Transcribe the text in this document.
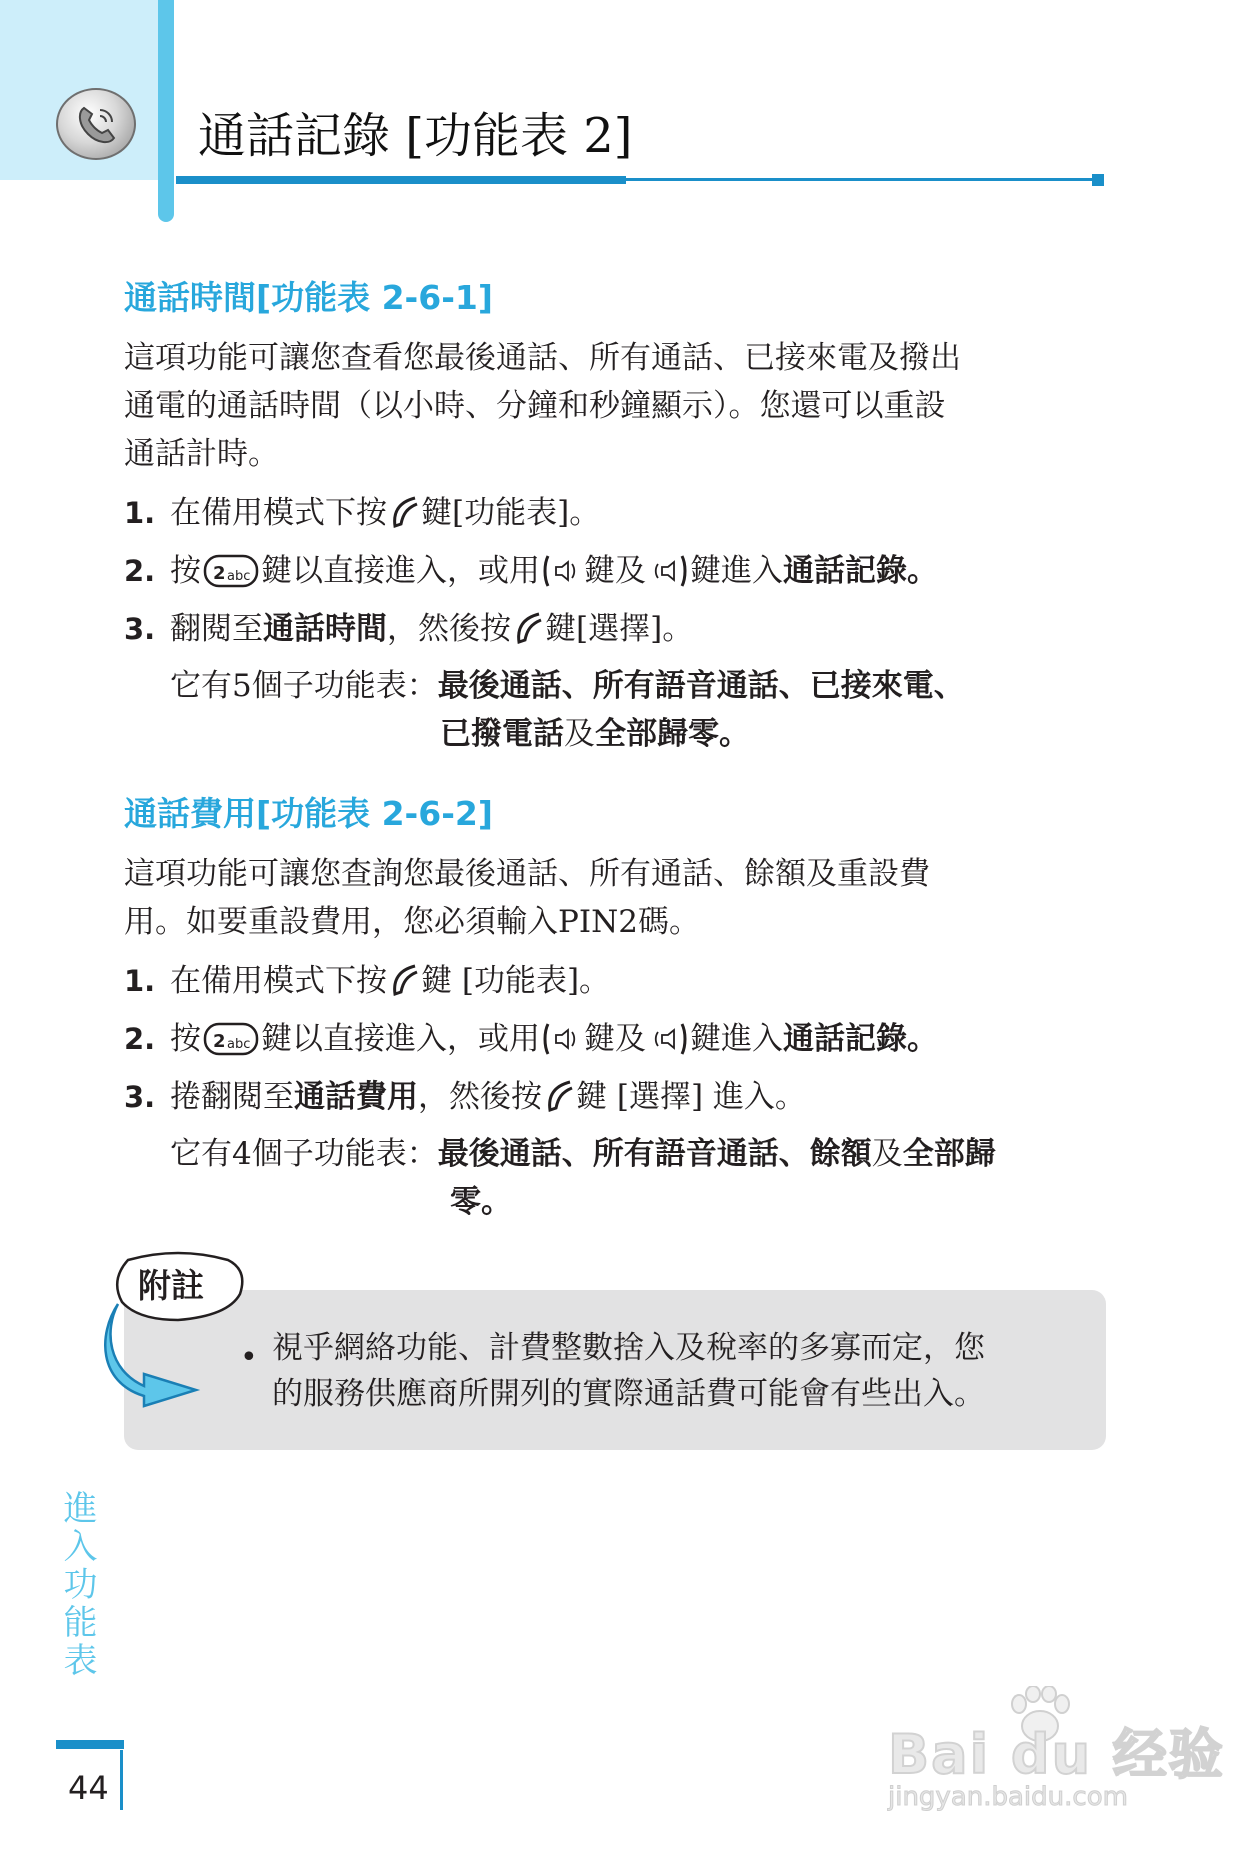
通話記錄 [功能表 2]
通話時間[功能表 2-6-1]
這項功能可讓您查看您最後通話、所有通話、已接來電及撥出
通電的通話時間（以小時、分鐘和秒鐘顯示）。您還可以重設
通話計時。
1. 在備用模式下按 鍵[功能表]。
2. 按 2 abc 鍵以直接進入，或用 鍵及 鍵進入 通話記錄。
3. 翻閱至 通話時間 ，然後按 鍵[選擇]。
它有5個子功能表：最後通話、所有語音通話、已接來電、
已撥電話及全部歸零。
通話費用[功能表 2-6-2]
這項功能可讓您查詢您最後通話、所有通話、餘額及重設費
用。如要重設費用，您必須輸入PIN2碼。
1. 在備用模式下按 鍵 [功能表]。
2. 按 2 abc 鍵以直接進入，或用 鍵及 鍵進入 通話記錄。
3. 捲翻閱至 通話費用 ，然後按 鍵 [選擇] 進入。
它有4個子功能表：最後通話、所有語音通話、餘額及全部歸
零。
附註
• 視乎網絡功能、計費整數捨入及稅率的多寡而定，您
的服務供應商所開列的實際通話費可能會有些出入。
進入功能表
44
Bai du 经验
jingyan.baidu.com
